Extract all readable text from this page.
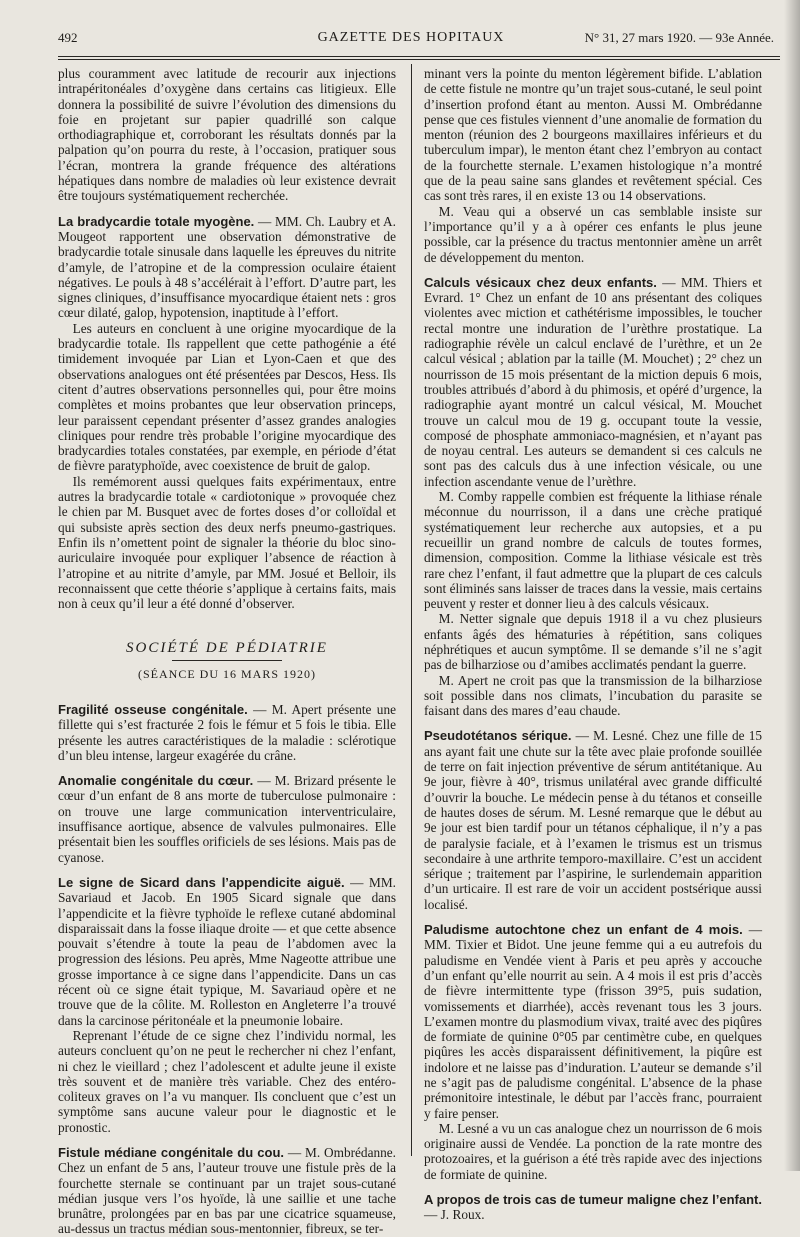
492	GAZETTE DES HOPITAUX	N° 31, 27 mars 1920. — 93e Année.

plus couramment avec latitude de recourir aux injections intrapéritonéales d’oxygène dans certains cas litigieux. Elle donnera la possibilité de suivre l’évolution des dimensions du foie en projetant sur papier quadrillé son calque orthodiagraphique et, corroborant les résultats donnés par la palpation qu’on pourra du reste, à l’occasion, pratiquer sous l’écran, montrera la grande fréquence des altérations hépatiques dans nombre de maladies où leur existence devrait être toujours systématiquement recherchée.

La bradycardie totale myogène. — MM. Ch. Laubry et A. Mougeot rapportent une observation démonstrative de bradycardie totale sinusale dans laquelle les épreuves du nitrite d’amyle, de l’atropine et de la compression oculaire étaient négatives. Le pouls à 48 s’accélérait à l’effort. D’autre part, les signes cliniques, d’insuffisance myocardique étaient nets : gros cœur dilaté, galop, hypotension, inaptitude à l’effort.

Les auteurs en concluent à une origine myocardique de la bradycardie totale. Ils rappellent que cette pathogénie a été timidement invoquée par Lian et Lyon-Caen et que des observations analogues ont été présentées par Descos, Hess. Ils citent d’autres observations personnelles qui, pour être moins complètes et moins probantes que leur observation princeps, leur paraissent cependant présenter d’assez grandes analogies cliniques pour rendre très probable l’origine myocardique des bradycardies totales constatées, par exemple, en période d’état de fièvre paratyphoïde, avec coexistence de bruit de galop.

Ils remémorent aussi quelques faits expérimentaux, entre autres la bradycardie totale « cardiotonique » provoquée chez le chien par M. Busquet avec de fortes doses d’or colloïdal et qui subsiste après section des deux nerfs pneumo-gastriques. Enfin ils n’omettent point de signaler la théorie du bloc sino-auriculaire invoquée pour expliquer l’absence de réaction à l’atropine et au nitrite d’amyle, par MM. Josué et Belloir, ils reconnaissent que cette théorie s’applique à certains faits, mais non à ceux qu’il leur a été donné d’observer.

SOCIÉTÉ DE PÉDIATRIE
(SÉANCE DU 16 MARS 1920)

Fragilité osseuse congénitale. — M. Apert présente une fillette qui s’est fracturée 2 fois le fémur et 5 fois le tibia. Elle présente les autres caractéristiques de la maladie : sclérotique d’un bleu intense, largeur exagérée du crâne.

Anomalie congénitale du cœur. — M. Brizard présente le cœur d’un enfant de 8 ans morte de tuberculose pulmonaire : on trouve une large communication interventriculaire, insuffisance aortique, absence de valvules pulmonaires. Elle présentait bien les souffles orificiels de ses lésions. Mais pas de cyanose.

Le signe de Sicard dans l’appendicite aiguë. — MM. Savariaud et Jacob. En 1905 Sicard signale que dans l’appendicite et la fièvre typhoïde le reflexe cutané abdominal disparaissait dans la fosse iliaque droite — et que cette absence pouvait s’étendre à toute la peau de l’abdomen avec la progression des lésions. Peu après, Mme Nageotte attribue une grosse importance à ce signe dans l’appendicite. Dans un cas récent où ce signe était typique, M. Savariaud opère et ne trouve que de la côlite. M. Rolleston en Angleterre l’a trouvé dans la carcinose péritonéale et la pneumonie lobaire.

Reprenant l’étude de ce signe chez l’individu normal, les auteurs concluent qu’on ne peut le rechercher ni chez l’enfant, ni chez le vieillard ; chez l’adolescent et adulte jeune il existe très souvent et de manière très variable. Chez des entéro-coliteux graves on l’a vu manquer. Ils concluent que c’est un symptôme sans aucune valeur pour le diagnostic et le pronostic.

Fistule médiane congénitale du cou. — M. Ombrédanne. Chez un enfant de 5 ans, l’auteur trouve une fistule près de la fourchette sternale se continuant par un trajet sous-cutané médian jusque vers l’os hyoïde, là une saillie et une tache brunâtre, prolongées par en bas par une cicatrice squameuse, au-dessus un tractus médian sous-mentonnier, fibreux, se ter-

minant vers la pointe du menton légèrement bifide. L’ablation de cette fistule ne montre qu’un trajet sous-cutané, le seul point d’insertion profond étant au menton. Aussi M. Ombrédanne pense que ces fistules viennent d’une anomalie de formation du menton (réunion des 2 bourgeons maxillaires inférieurs et du tuberculum impar), le menton étant chez l’embryon au contact de la fourchette sternale. L’examen histologique n’a montré que de la peau saine sans glandes et revêtement spécial. Ces cas sont très rares, il en existe 13 ou 14 observations.

M. Veau qui a observé un cas semblable insiste sur l’importance qu’il y a à opérer ces enfants le plus jeune possible, car la présence du tractus mentonnier amène un arrêt de développement du menton.

Calculs vésicaux chez deux enfants. — MM. Thiers et Evrard. 1° Chez un enfant de 10 ans présentant des coliques violentes avec miction et cathétérisme impossibles, le toucher rectal montre une induration de l’urèthre prostatique. La radiographie révèle un calcul enclavé de l’urèthre, et un 2e calcul vésical ; ablation par la taille (M. Mouchet) ; 2° chez un nourrisson de 15 mois présentant de la miction depuis 6 mois, troubles attribués d’abord à du phimosis, et opéré d’urgence, la radiographie ayant montré un calcul vésical, M. Mouchet trouve un calcul mou de 19 g. occupant toute la vessie, composé de phosphate ammoniaco-magnésien, et n’ayant pas de noyau central. Les auteurs se demandent si ces calculs ne sont pas des calculs dus à une infection vésicale, ou une infection ascendante venue de l’urèthre.

M. Comby rappelle combien est fréquente la lithiase rénale méconnue du nourrisson, il a dans une crèche pratiqué systématiquement leur recherche aux autopsies, et a pu recueillir un grand nombre de calculs de toutes formes, dimension, composition. Comme la lithiase vésicale est très rare chez l’enfant, il faut admettre que la plupart de ces calculs sont éliminés sans laisser de traces dans la vessie, mais certains peuvent y rester et donner lieu à des calculs vésicaux.

M. Netter signale que depuis 1918 il a vu chez plusieurs enfants âgés des hématuries à répétition, sans coliques néphrétiques et aucun symptôme. Il se demande s’il ne s’agit pas de bilharziose ou d’amibes acclimatés pendant la guerre.

M. Apert ne croit pas que la transmission de la bilharziose soit possible dans nos climats, l’incubation du parasite se faisant dans des mares d’eau chaude.

Pseudotétanos sérique. — M. Lesné. Chez une fille de 15 ans ayant fait une chute sur la tête avec plaie profonde souillée de terre on fait injection préventive de sérum antitétanique. Au 9e jour, fièvre à 40°, trismus unilatéral avec grande difficulté d’ouvrir la bouche. Le médecin pense à du tétanos et conseille de hautes doses de sérum. M. Lesné remarque que le début au 9e jour est bien tardif pour un tétanos céphalique, il n’y a pas de paralysie faciale, et à l’examen le trismus est un trismus secondaire à une arthrite temporo-maxillaire. C’est un accident sérique ; traitement par l’aspirine, le surlendemain apparition d’un urticaire. Il est rare de voir un accident postsérique aussi localisé.

Paludisme autochtone chez un enfant de 4 mois. — MM. Tixier et Bidot. Une jeune femme qui a eu autrefois du paludisme en Vendée vient à Paris et peu après y accouche d’un enfant qu’elle nourrit au sein. A 4 mois il est pris d’accès de fièvre intermittente type (frisson 39°5, puis sudation, vomissements et diarrhée), accès revenant tous les 3 jours. L’examen montre du plasmodium vivax, traité avec des piqûres de formiate de quinine 0°05 par centimètre cube, en quelques piqûres les accès disparaissent définitivement, la piqûre est indolore et ne laisse pas d’induration. L’auteur se demande s’il ne s’agit pas de paludisme congénital. L’absence de la phase prémonitoire intestinale, le début par l’accès franc, pourraient y faire penser.

M. Lesné a vu un cas analogue chez un nourrisson de 6 mois originaire aussi de Vendée. La ponction de la rate montre des protozoaires, et la guérison a été très rapide avec des injections de formiate de quinine.

A propos de trois cas de tumeur maligne chez l’enfant. — J. Roux.
